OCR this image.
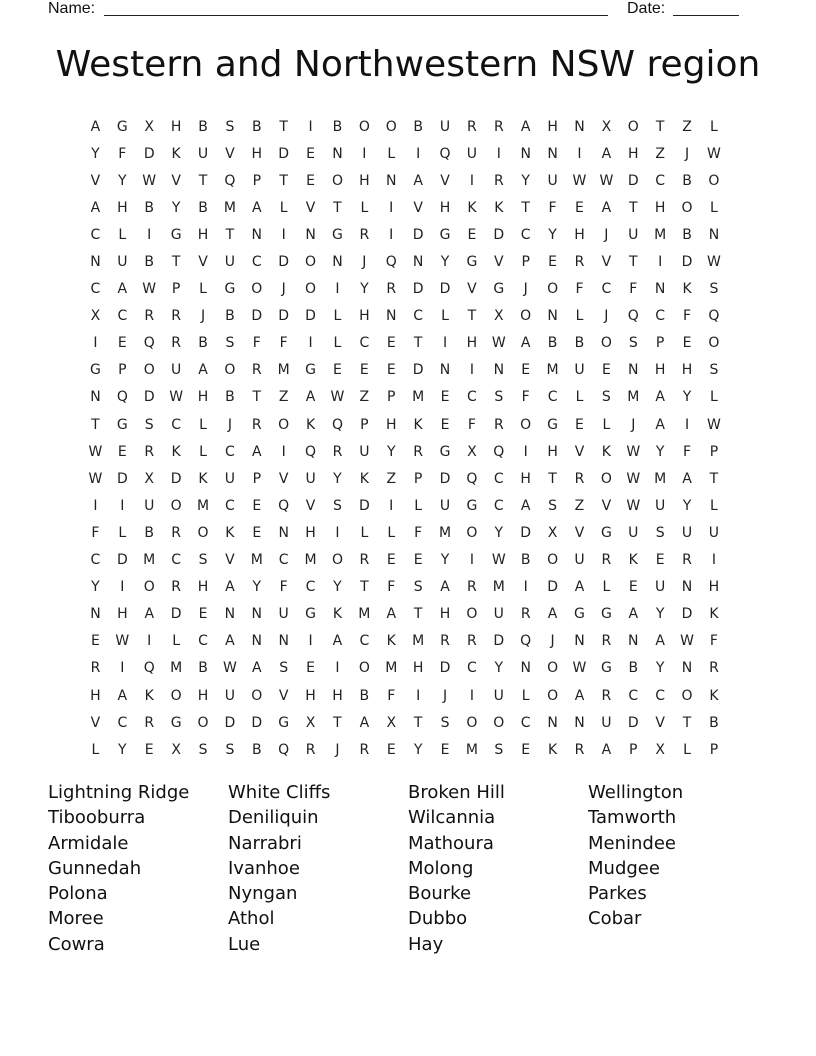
Name:	Date:
Western and Northwestern NSW region
A	G	X	H	B	S	B	T	I	B	O	O	B	U	R	R	A	H	N	X	O	T	Z	L
Y	F	D	K	U	V	H	D	E	N	I	L	I	Q	U	I	N	N	I	A	H	Z	J	W
V	Y	W	V	T	Q	P	T	E	O	H	N	A	V	I	R	Y	U	W W	D	C	B	O
A	H	B	Y	B	M	A	L	V	T	L	I	V	H	K	K	T	F	E	A	T	H	O	L
C	L	I	G	H	T	N	I	N	G	R	I	D	G	E	D	C	Y	H	J	U	M	B	N
N	U	B	T	V	U	C	D	O	N	J	Q	N	Y	G	V	P	E	R	V	T	I	D	W
C	A	W	P	L	G	O	J	O	I	Y	R	D	D	V	G	J	O	F	C	F	N	K	S
X	C	R	R	J	B	D	D	D	L	H	N	C	L	T	X	O	N	L	J	Q	C	F	Q
I	E	Q	R	B	S	F	F	I	L	C	E	T	I	H	W	A	B	B	O	S	P	E	O
G	P	O	U	A	O	R	M	G	E	E	E	D	N	I	N	E	M	U	E	N	H	H	S
N	Q	D	W	H	B	T	Z	A	W	Z	P	M	E	C	S	F	C	L	S	M	A	Y	L
T	G	S	C	L	J	R	O	K	Q	P	H	K	E	F	R	O	G	E	L	J	A	I	W
W	E	R	K	L	C	A	I	Q	R	U	Y	R	G	X	Q	I	H	V	K	W	Y	F	P
W	D	X	D	K	U	P	V	U	Y	K	Z	P	D	Q	C	H	T	R	O	W M	A	T
I	I	U	O	M	C	E	Q	V	S	D	I	L	U	G	C	A	S	Z	V	W	U	Y	L
F	L	B	R	O	K	E	N	H	I	L	L	F	M	O	Y	D	X	V	G	U	S	U	U
C	D	M	C	S	V	M	C	M	O	R	E	E	Y	I	W	B	O	U	R	K	E	R	I
Y	I	O	R	H	A	Y	F	C	Y	T	F	S	A	R	M	I	D	A	L	E	U	N	H
N	H	A	D	E	N	N	U	G	K	M	A	T	H	O	U	R	A	G	G	A	Y	D	K
E	W	I	L	C	A	N	N	I	A	C	K	M	R	R	D	Q	J	N	R	N	A	W	F
R	I	Q	M	B	W	A	S	E	I	O	M	H	D	C	Y	N	O	W	G	B	Y	N	R
H	A	K	O	H	U	O	V	H	H	B	F	I	J	I	U	L	O	A	R	C	C	O	K
V	C	R	G	O	D	D	G	X	T	A	X	T	S	O	O	C	N	N	U	D	V	T	B
L	Y	E	X	S	S	B	Q	R	J	R	E	Y	E	M	S	E	K	R	A	P	X	L	P
Lightning Ridge	White Cliffs	Broken Hill	Wellington
Tibooburra	Deniliquin	Wilcannia	Tamworth
Armidale	Narrabri	Mathoura	Menindee
Gunnedah	Ivanhoe	Molong	Mudgee
Polona	Nyngan	Bourke	Parkes
Moree	Athol	Dubbo	Cobar
Cowra	Lue	Hay
